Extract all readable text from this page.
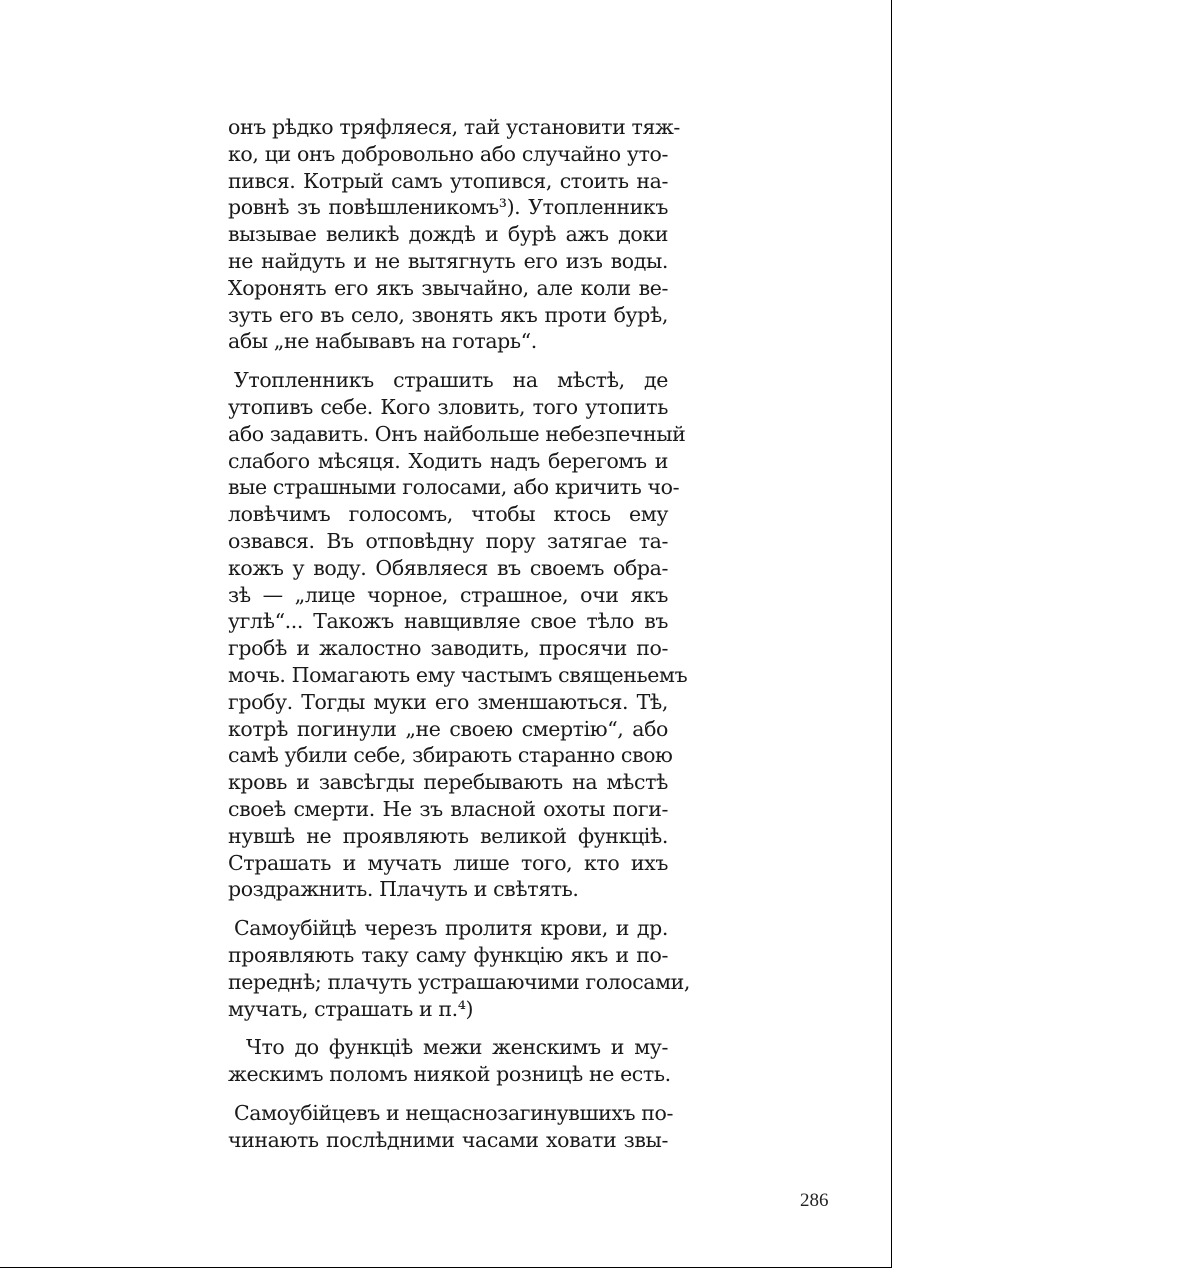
онъ рѣдко тряфляеся, тай установити тяж-
ко, ци онъ добровольно або случайно уто-
пився. Котрый самъ утопився, стоить на-
ровнѣ зъ повѣшленикомъ³). Утопленникъ
вызывае великѣ дождѣ и бурѣ ажъ доки
не найдуть и не вытягнуть его изъ воды.
Хоронять его якъ звычайно, але коли ве-
зуть его въ село, звонять якъ проти бурѣ,
абы „не набывавъ на готарь“.

Утопленникъ страшить на мѣстѣ, де
утопивъ себе. Кого зловить, того утопить
або задавить. Онъ найбольше небезпечный
слабого мѣсяця. Ходить надъ берегомъ и
вые страшными голосами, або кричить чо-
ловѣчимъ голосомъ, чтобы ктось ему
озвався. Въ отповѣдну пору затягае та-
кожъ у воду. Обявляеся въ своемъ обра-
зѣ — „лице чорное, страшное, очи якъ
углѣ“... Такожъ навщивляе свое тѣло въ
гробѣ и жалостно заводить, просячи по-
мочь. Помагають ему частымъ священьемъ
гробу. Тогды муки его зменшаються. Тѣ,
котрѣ погинули „не своею смертію“, або
самѣ убили себе, збирають старанно свою
кровь и завсѣгды перебывають на мѣстѣ
своеѣ смерти. Не зъ власной охоты поги-
нувшѣ не проявляють великой функціѣ.
Страшать и мучать лише того, кто ихъ
роздражнить. Плачуть и свѣтять.

Самоубійцѣ черезъ пролитя крови, и др.
проявляють таку саму функцію якъ и по-
переднѣ; плачуть устрашаючими голосами,
мучать, страшать и п.⁴)

Что до функціѣ межи женскимъ и му-
жескимъ поломъ ниякой розницѣ не есть.

Самоубійцевъ и нещаснозагинувшихъ по-
чинають послѣдними часами ховати звы-

286
